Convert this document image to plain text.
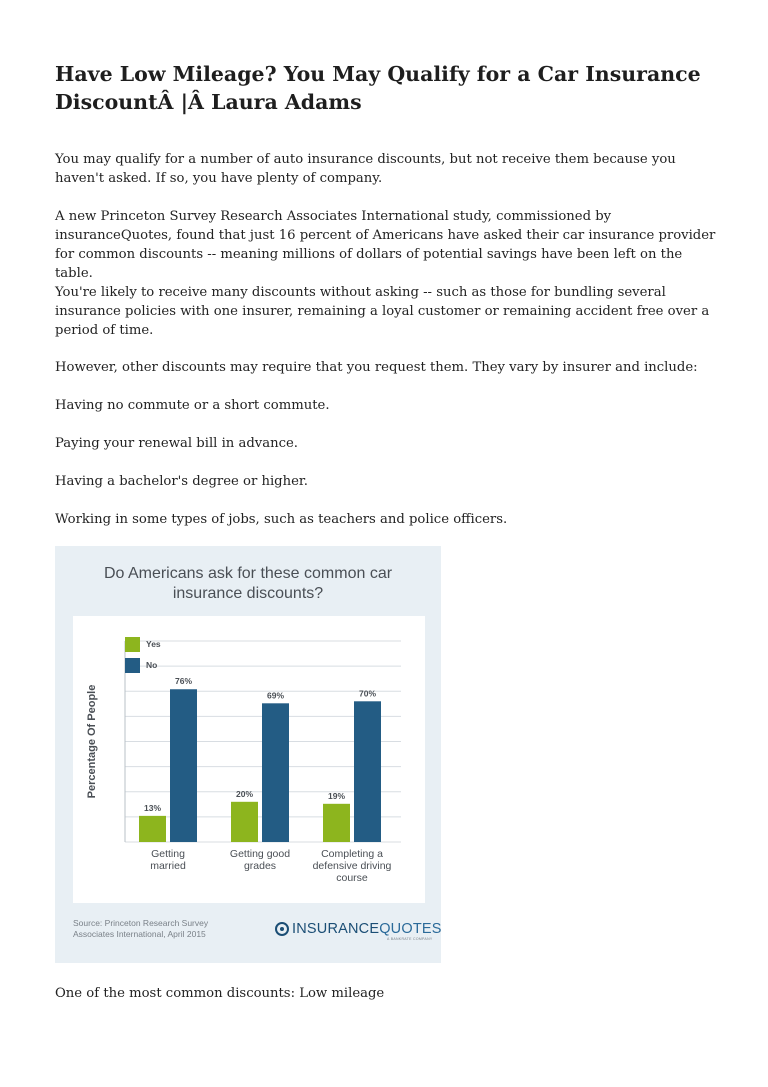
Have Low Mileage? You May Qualify for a Car Insurance DiscountÂ |Â Laura Adams

You may qualify for a number of auto insurance discounts, but not receive them because you haven't asked. If so, you have plenty of company.

A new Princeton Survey Research Associates International study, commissioned by insuranceQuotes, found that just 16 percent of Americans have asked their car insurance provider for common discounts -- meaning millions of dollars of potential savings have been left on the table.

You're likely to receive many discounts without asking -- such as those for bundling several insurance policies with one insurer, remaining a loyal customer or remaining accident free over a period of time.

However, other discounts may require that you request them. They vary by insurer and include:

Having no commute or a short commute.

Paying your renewal bill in advance.

Having a bachelor's degree or higher.

Working in some types of jobs, such as teachers and police officers.

Do Americans ask for these common car
insurance discounts?
Percentage Of People
13%
76%
Getting
married
20%
69%
Getting good
grades
19%
70%
Completing a
defensive driving
course
Yes
No
Source: Princeton Research Survey
Associates International, April 2015	INSURANCEQUOTES
A BANKRATE COMPANY

One of the most common discounts: Low mileage
